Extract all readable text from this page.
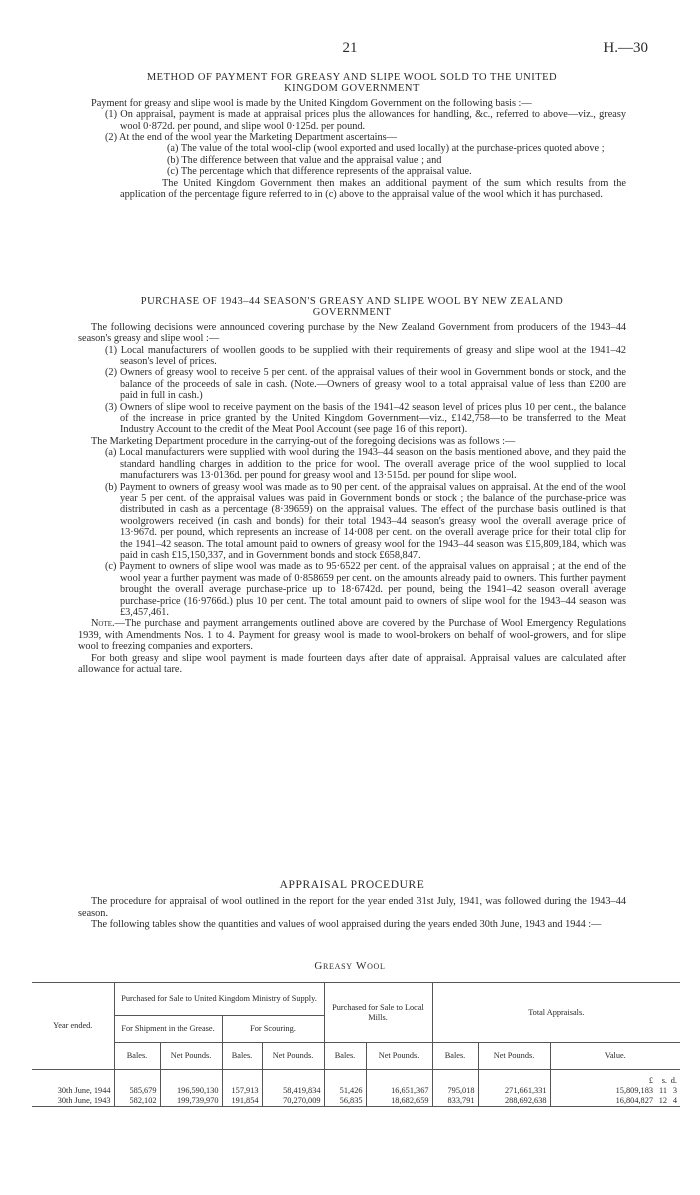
21	H.—30

METHOD OF PAYMENT FOR GREASY AND SLIPE WOOL SOLD TO THE UNITED

KINGDOM GOVERNMENT

Payment for greasy and slipe wool is made by the United Kingdom Government on the following basis :—

(1) On appraisal, payment is made at appraisal prices plus the allowances for handling, &c., referred to above—viz., greasy wool 0·872d. per pound, and slipe wool 0·125d. per pound.

(2) At the end of the wool year the Marketing Department ascertains—

(a) The value of the total wool-clip (wool exported and used locally) at the purchase-prices quoted above ;

(b) The difference between that value and the appraisal value ; and

(c) The percentage which that difference represents of the appraisal value.

The United Kingdom Government then makes an additional payment of the sum which results from the application of the percentage figure referred to in (c) above to the appraisal value of the wool which it has purchased.

PURCHASE OF 1943–44 SEASON'S GREASY AND SLIPE WOOL BY NEW ZEALAND

GOVERNMENT

The following decisions were announced covering purchase by the New Zealand Government from producers of the 1943–44 season's greasy and slipe wool :—

(1) Local manufacturers of woollen goods to be supplied with their requirements of greasy and slipe wool at the 1941–42 season's level of prices.

(2) Owners of greasy wool to receive 5 per cent. of the appraisal values of their wool in Government bonds or stock, and the balance of the proceeds of sale in cash. (Note.—Owners of greasy wool to a total appraisal value of less than £200 are paid in full in cash.)

(3) Owners of slipe wool to receive payment on the basis of the 1941–42 season level of prices plus 10 per cent., the balance of the increase in price granted by the United Kingdom Government—viz., £142,758—to be transferred to the Meat Industry Account to the credit of the Meat Pool Account (see page 16 of this report).

The Marketing Department procedure in the carrying-out of the foregoing decisions was as follows :—

(a) Local manufacturers were supplied with wool during the 1943–44 season on the basis mentioned above, and they paid the standard handling charges in addition to the price for wool. The overall average price of the wool supplied to local manufacturers was 13·0136d. per pound for greasy wool and 13·515d. per pound for slipe wool.

(b) Payment to owners of greasy wool was made as to 90 per cent. of the appraisal values on appraisal. At the end of the wool year 5 per cent. of the appraisal values was paid in Government bonds or stock ; the balance of the purchase-price was distributed in cash as a percentage (8·39659) on the appraisal values. The effect of the purchase basis outlined is that woolgrowers received (in cash and bonds) for their total 1943–44 season's greasy wool the overall average price of 13·967d. per pound, which represents an increase of 14·008 per cent. on the overall average price for their total clip for the 1941–42 season. The total amount paid to owners of greasy wool for the 1943–44 season was £15,809,184, which was paid in cash £15,150,337, and in Government bonds and stock £658,847.

(c) Payment to owners of slipe wool was made as to 95·6522 per cent. of the appraisal values on appraisal ; at the end of the wool year a further payment was made of 0·858659 per cent. on the amounts already paid to owners. This further payment brought the overall average purchase-price up to 18·6742d. per pound, being the 1941–42 season overall average purchase-price (16·9766d.) plus 10 per cent. The total amount paid to owners of slipe wool for the 1943–44 season was £3,457,461.

Note.—The purchase and payment arrangements outlined above are covered by the Purchase of Wool Emergency Regulations 1939, with Amendments Nos. 1 to 4. Payment for greasy wool is made to wool-brokers on behalf of wool-growers, and for slipe wool to freezing companies and exporters.

For both greasy and slipe wool payment is made fourteen days after date of appraisal. Appraisal values are calculated after allowance for actual tare.

APPRAISAL PROCEDURE

The procedure for appraisal of wool outlined in the report for the year ended 31st July, 1941, was followed during the 1943–44 season.

The following tables show the quantities and values of wool appraised during the years ended 30th June, 1943 and 1944 :—

Greasy Wool
Year ended.	Purchased for Sale to United Kingdom Ministry of Supply.				Purchased for Sale to Local Mills.		Total Appraisals.		
	For Shipment in the Grease.		For Scouring.						
	Bales.	Net Pounds.	Bales.	Net Pounds.	Bales.	Net Pounds.	Bales.	Net Pounds.	Value.
									£ s. d.
30th June, 1944	585,679	196,590,130	157,913	58,419,834	51,426	16,651,367	795,018	271,661,331	15,809,183 11 3
30th June, 1943	582,102	199,739,970	191,854	70,270,009	56,835	18,682,659	833,791	288,692,638	16,804,827 12 4
